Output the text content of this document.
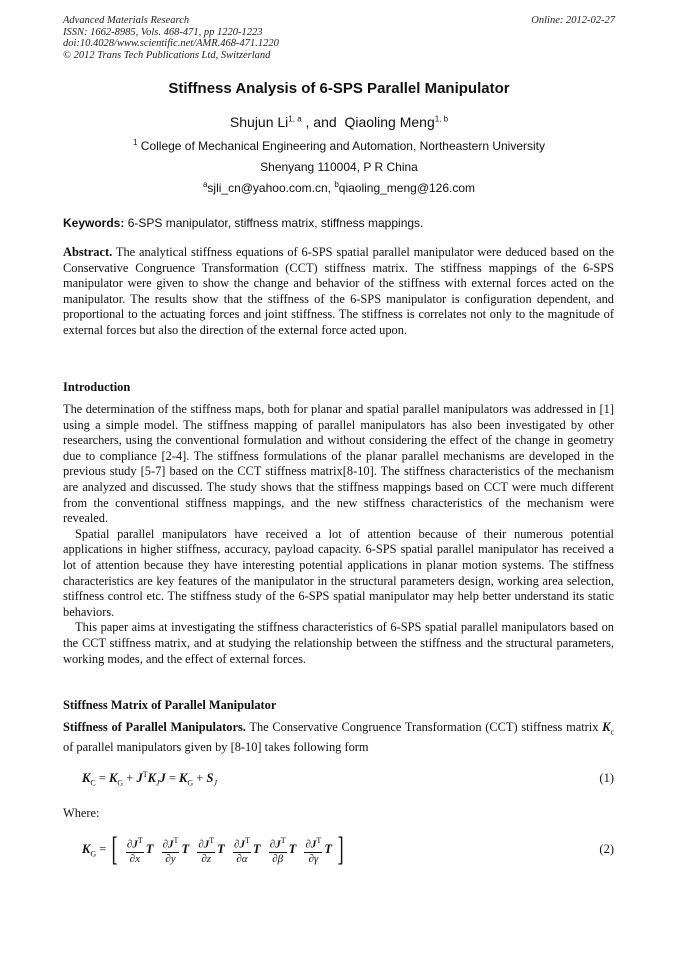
Advanced Materials Research
ISSN: 1662-8985, Vols. 468-471, pp 1220-1223
doi:10.4028/www.scientific.net/AMR.468-471.1220
© 2012 Trans Tech Publications Ltd, Switzerland
Online: 2012-02-27
Stiffness Analysis of 6-SPS Parallel Manipulator
Shujun Li$^{1, a}$ , and  Qiaoling Meng$^{1, b}$
$^1$ College of Mechanical Engineering and Automation, Northeastern University
Shenyang 110004, P R China
$^a$sjli_cn@yahoo.com.cn, $^b$qiaoling_meng@126.com
Keywords: 6-SPS manipulator, stiffness matrix, stiffness mappings.
Abstract. The analytical stiffness equations of 6-SPS spatial parallel manipulator were deduced based on the Conservative Congruence Transformation (CCT) stiffness matrix. The stiffness mappings of the 6-SPS manipulator were given to show the change and behavior of the stiffness with external forces acted on the manipulator. The results show that the stiffness of the 6-SPS manipulator is configuration dependent, and proportional to the actuating forces and joint stiffness. The stiffness is correlates not only to the magnitude of external forces but also the direction of the external force acted upon.
Introduction
The determination of the stiffness maps, both for planar and spatial parallel manipulators was addressed in [1] using a simple model. The stiffness mapping of parallel manipulators has also been investigated by other researchers, using the conventional formulation and without considering the effect of the change in geometry due to compliance [2-4]. The stiffness formulations of the planar parallel mechanisms are developed in the previous study [5-7] based on the CCT stiffness matrix[8-10]. The stiffness characteristics of the mechanism are analyzed and discussed. The study shows that the stiffness mappings based on CCT were much different from the conventional stiffness mappings, and the new stiffness characteristics of the mechanism were revealed.
Spatial parallel manipulators have received a lot of attention because of their numerous potential applications in higher stiffness, accuracy, payload capacity. 6-SPS spatial parallel manipulator has received a lot of attention because they have interesting potential applications in planar motion systems. The stiffness characteristics are key features of the manipulator in the structural parameters design, working area selection, stiffness control etc. The stiffness study of the 6-SPS spatial manipulator may help better understand its static behaviors.
This paper aims at investigating the stiffness characteristics of 6-SPS spatial parallel manipulators based on the CCT stiffness matrix, and at studying the relationship between the stiffness and the structural parameters, working modes, and the effect of external forces.
Stiffness Matrix of Parallel Manipulator
Stiffness of Parallel Manipulators. The Conservative Congruence Transformation (CCT) stiffness matrix $K_c$ of parallel manipulators given by [8-10] takes following form
$K_C = K_G + J^TK_JJ = K_G + S_J$	(1)
Where:
$K_G$ = [ $\frac{\partial J^T}{\partial x}$ T $\frac{\partial J^T}{\partial y}$ T $\frac{\partial J^T}{\partial z}$ T $\frac{\partial J^T}{\partial\alpha}$ T $\frac{\partial J^T}{\partial\beta}$ T $\frac{\partial J^T}{\partial\gamma}$ T ]	(2)
